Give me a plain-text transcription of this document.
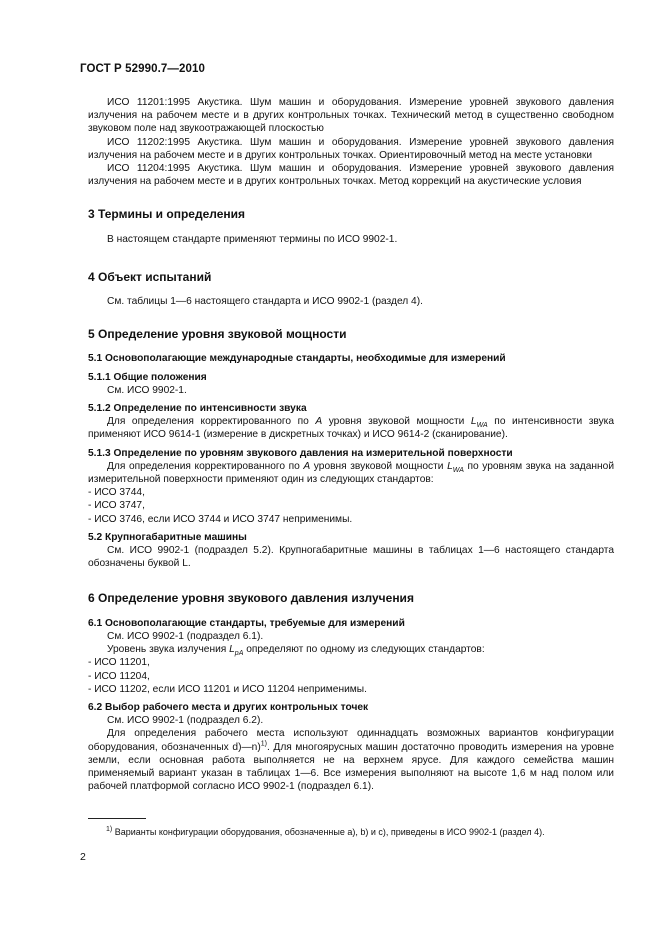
ГОСТ Р 52990.7—2010

ИСО 11201:1995 Акустика. Шум машин и оборудования. Измерение уровней звукового давления излучения на рабочем месте и в других контрольных точках. Технический метод в существенно свободном звуковом поле над звукоотражающей плоскостью

ИСО 11202:1995 Акустика. Шум машин и оборудования. Измерение уровней звукового давления излучения на рабочем месте и в других контрольных точках. Ориентировочный метод на месте установки

ИСО 11204:1995 Акустика. Шум машин и оборудования. Измерение уровней звукового давления излучения на рабочем месте и в других контрольных точках. Метод коррекций на акустические условия

3 Термины и определения

В настоящем стандарте применяют термины по ИСО 9902-1.

4 Объект испытаний

См. таблицы 1—6 настоящего стандарта и ИСО 9902-1 (раздел 4).

5 Определение уровня звуковой мощности
5.1 Основополагающие международные стандарты, необходимые для измерений
5.1.1 Общие положения

См. ИСО 9902-1.

5.1.2 Определение по интенсивности звука

Для определения корректированного по A уровня звуковой мощности $L_{WA}$ по интенсивности звука применяют ИСО 9614-1 (измерение в дискретных точках) и ИСО 9614-2 (сканирование).

5.1.3 Определение по уровням звукового давления на измерительной поверхности

Для определения корректированного по A уровня звуковой мощности $L_{WA}$ по уровням звука на заданной измерительной поверхности применяют один из следующих стандартов:

- ИСО 3744,
- ИСО 3747,
- ИСО 3746, если ИСО 3744 и ИСО 3747 неприменимы.
5.2 Крупногабаритные машины

См. ИСО 9902-1 (подраздел 5.2). Крупногабаритные машины в таблицах 1—6 настоящего стандарта обозначены буквой L.

6 Определение уровня звукового давления излучения
6.1 Основополагающие стандарты, требуемые для измерений

См. ИСО 9902-1 (подраздел 6.1).

Уровень звука излучения $L_{pA}$ определяют по одному из следующих стандартов:

- ИСО 11201,
- ИСО 11204,
- ИСО 11202, если ИСО 11201 и ИСО 11204 неприменимы.
6.2 Выбор рабочего места и других контрольных точек

См. ИСО 9902-1 (подраздел 6.2).

Для определения рабочего места используют одиннадцать возможных вариантов конфигурации оборудования, обозначенных d)—n)$^{1)}$. Для многоярусных машин достаточно проводить измерения на уровне земли, если основная работа выполняется не на верхнем ярусе. Для каждого семейства машин применяемый вариант указан в таблицах 1—6. Все измерения выполняют на высоте 1,6 м над полом или рабочей платформой согласно ИСО 9902-1 (подраздел 6.1).

$^{1)}$ Варианты конфигурации оборудования, обозначенные a), b) и c), приведены в ИСО 9902-1 (раздел 4).
2
